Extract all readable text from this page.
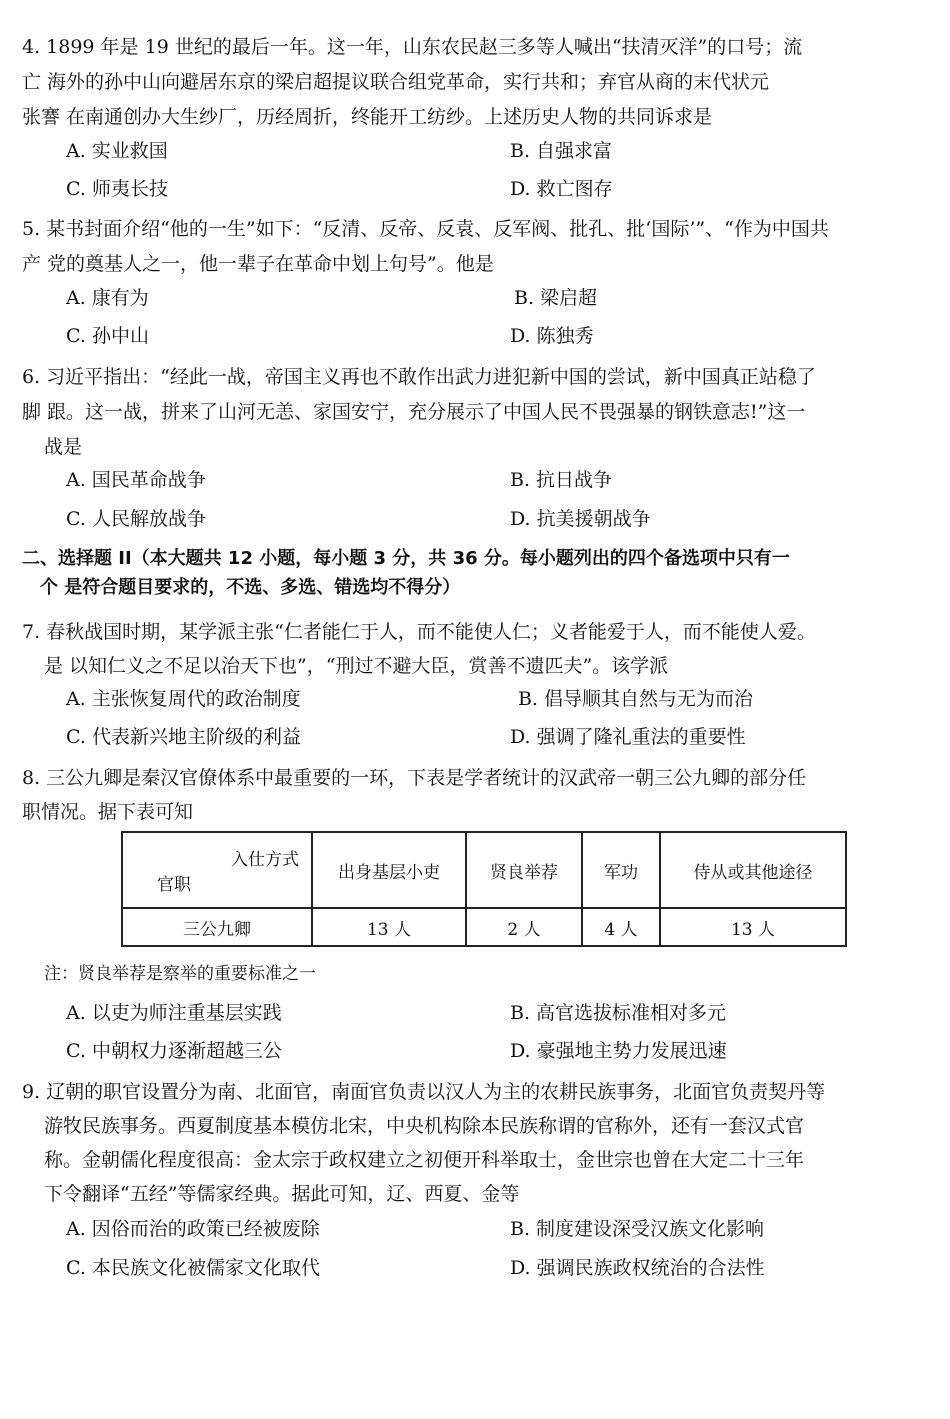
4. 1899 年是 19 世纪的最后一年。这一年，山东农民赵三多等人喊出“扶清灭洋”的口号；流
亡 海外的孙中山向避居东京的梁启超提议联合组党革命，实行共和；弃官从商的末代状元
张謇 在南通创办大生纱厂，历经周折，终能开工纺纱。上述历史人物的共同诉求是
A. 实业救国	B. 自强求富
C. 师夷长技	D. 救亡图存
5. 某书封面介绍“他的一生”如下：“反清、反帝、反袁、反军阀、批孔、批‘国际’”、“作为中国共
产 党的奠基人之一，他一辈子在革命中划上句号”。他是
A. 康有为	B. 梁启超
C. 孙中山	D. 陈独秀
6. 习近平指出：“经此一战，帝国主义再也不敢作出武力进犯新中国的尝试，新中国真正站稳了
脚 跟。这一战，拼来了山河无恙、家国安宁，充分展示了中国人民不畏强暴的钢铁意志!”这一
战是
A. 国民革命战争	B. 抗日战争
C. 人民解放战争	D. 抗美援朝战争
二、选择题 II（本大题共 12 小题，每小题 3 分，共 36 分。每小题列出的四个备选项中只有一
个 是符合题目要求的，不选、多选、错选均不得分）
7. 春秋战国时期，某学派主张“仁者能仁于人，而不能使人仁；义者能爱于人，而不能使人爱。
是 以知仁义之不足以治天下也”，“刑过不避大臣，赏善不遗匹夫”。该学派
A. 主张恢复周代的政治制度	B. 倡导顺其自然与无为而治
C. 代表新兴地主阶级的利益	D. 强调了隆礼重法的重要性
8. 三公九卿是秦汉官僚体系中最重要的一环，下表是学者统计的汉武帝一朝三公九卿的部分任
职情况。据下表可知
入仕方式
官职	出身基层小吏	贤良举荐	军功	侍从或其他途径
三公九卿	13 人	2 人	4 人	13 人
注：贤良举荐是察举的重要标准之一
A. 以吏为师注重基层实践	B. 高官选拔标准相对多元
C. 中朝权力逐渐超越三公	D. 豪强地主势力发展迅速
9. 辽朝的职官设置分为南、北面官，南面官负责以汉人为主的农耕民族事务，北面官负责契丹等
游牧民族事务。西夏制度基本模仿北宋，中央机构除本民族称谓的官称外，还有一套汉式官
称。金朝儒化程度很高：金太宗于政权建立之初便开科举取士，金世宗也曾在大定二十三年
下令翻译“五经”等儒家经典。据此可知，辽、西夏、金等
A. 因俗而治的政策已经被废除	B. 制度建设深受汉族文化影响
C. 本民族文化被儒家文化取代	D. 强调民族政权统治的合法性
